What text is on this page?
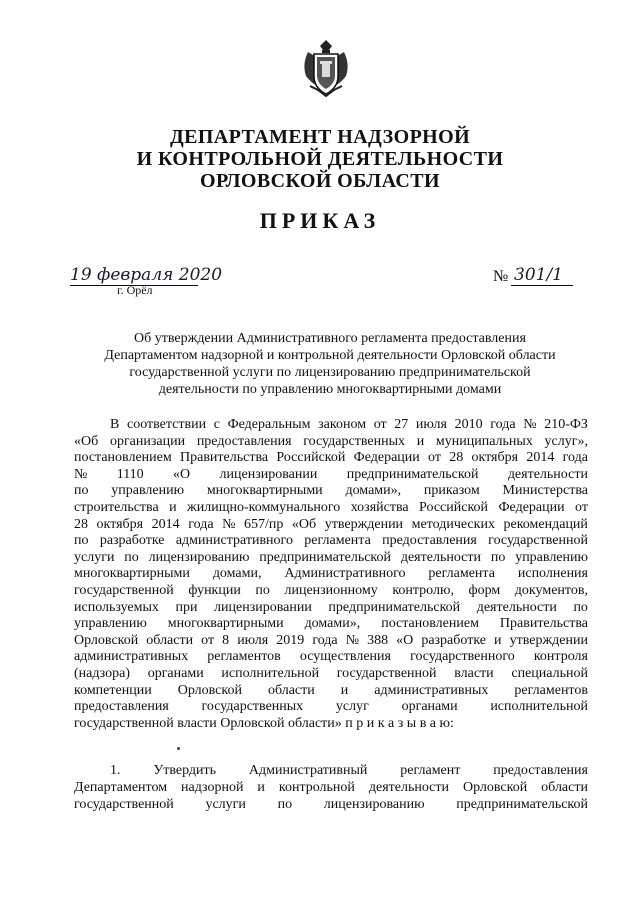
ДЕПАРТАМЕНТ НАДЗОРНОЙ
И КОНТРОЛЬНОЙ ДЕЯТЕЛЬНОСТИ
ОРЛОВСКОЙ ОБЛАСТИ
ПРИКАЗ
19 февраля 2020
г. Орёл
№ 301/1
Об утверждении Административного регламента предоставления
Департаментом надзорной и контрольной деятельности Орловской области
государственной услуги по лицензированию предпринимательской
деятельности по управлению многоквартирными домами
В соответствии с Федеральным законом от 27 июля 2010 года № 210-ФЗ
«Об организации предоставления государственных и муниципальных услуг»,
постановлением Правительства Российской Федерации от 28 октября 2014 года
№ 1110 «О лицензировании предпринимательской деятельности
по управлению многоквартирными домами», приказом Министерства
строительства и жилищно-коммунального хозяйства Российской Федерации от
28 октября 2014 года № 657/пр «Об утверждении методических рекомендаций
по разработке административного регламента предоставления государственной
услуги по лицензированию предпринимательской деятельности по управлению
многоквартирными домами, Административного регламента исполнения
государственной функции по лицензионному контролю, форм документов,
используемых при лицензировании предпринимательской деятельности по
управлению многоквартирными домами», постановлением Правительства
Орловской области от 8 июля 2019 года № 388 «О разработке и утверждении
административных регламентов осуществления государственного контроля
(надзора) органами исполнительной государственной власти специальной
компетенции Орловской области и административных регламентов
предоставления государственных услуг органами исполнительной
государственной власти Орловской области» п р и к а з ы в а ю:
1. Утвердить Административный регламент предоставления
Департаментом надзорной и контрольной деятельности Орловской области
государственной услуги по лицензированию предпринимательской
